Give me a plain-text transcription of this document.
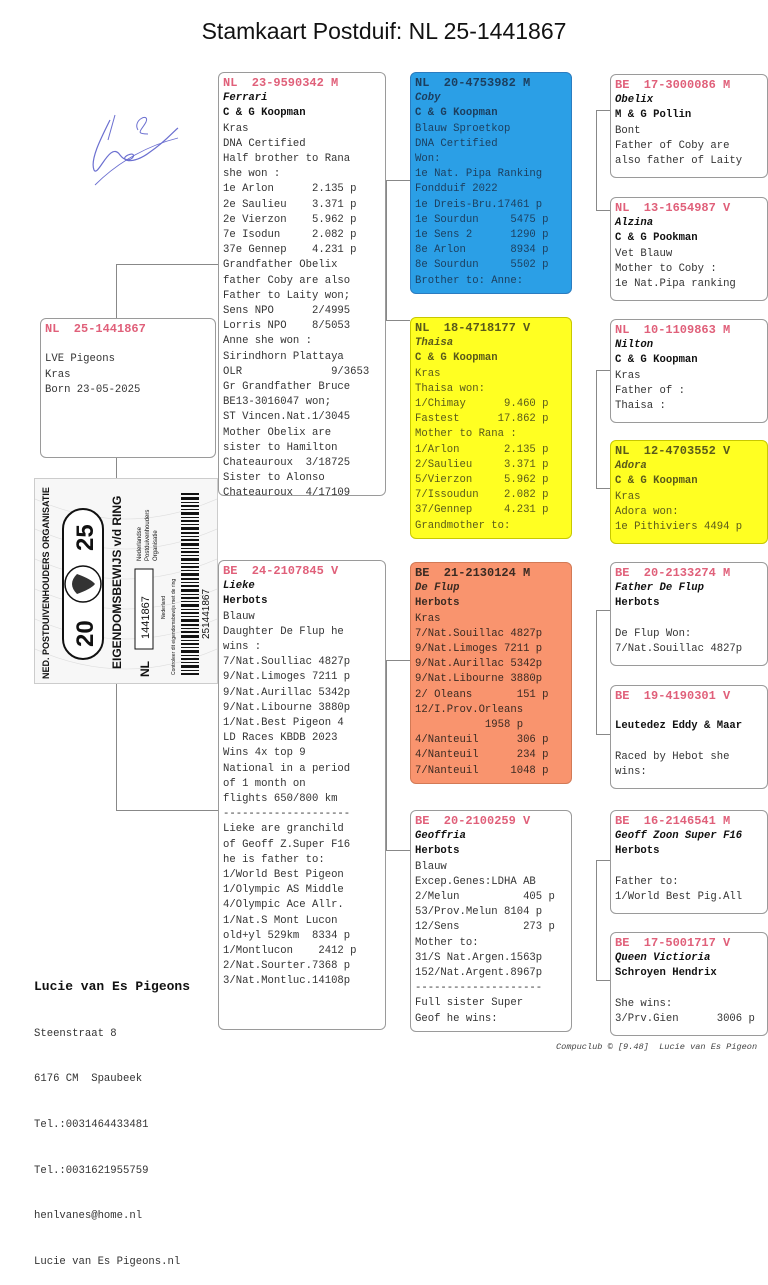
Stamkaart Postduif: NL 25-1441867
NL  25-1441867

LVE Pigeons
Kras
Born 23-05-2025
NED. POSTDUIVENHOUDERS ORGANISATIE 20
25 EIGENDOMSBEWIJS v/d RING NL
1441867
Nederlandse Postduivenhouders Organisatie
Nederland Controleer dit eigendomsbewijs met de ring 251441867
NL  23-9590342 M
Ferrari
C & G Koopman
Kras
DNA Certified
Half brother to Rana
she won :
1e Arlon      2.135 p
2e Saulieu    3.371 p
2e Vierzon    5.962 p
7e Isodun     2.082 p
37e Gennep    4.231 p
Grandfather Obelix
father Coby are also
Father to Laity won;
Sens NPO      2/4995
Lorris NPO    8/5053
Anne she won :
Sirindhorn Plattaya
OLR              9/3653
Gr Grandfather Bruce
BE13-3016047 won;
ST Vincen.Nat.1/3045
Mother Obelix are
sister to Hamilton
Chateauroux  3/18725
Sister to Alonso
Chateauroux  4/17109
BE  24-2107845 V
Lieke
Herbots
Blauw
Daughter De Flup he
wins :
7/Nat.Soulliac 4827p
9/Nat.Limoges 7211 p
9/Nat.Aurillac 5342p
9/Nat.Libourne 3880p
1/Nat.Best Pigeon 4
LD Races KBDB 2023
Wins 4x top 9
National in a period
of 1 month on
flights 650/800 km
--------------------
Lieke are granchild
of Geoff Z.Super F16
he is father to:
1/World Best Pigeon
1/Olympic AS Middle
4/Olympic Ace Allr.
1/Nat.S Mont Lucon
old+yl 529km  8334 p
1/Montlucon    2412 p
2/Nat.Sourter.7368 p
3/Nat.Montluc.14108p
NL  20-4753982 M
Coby
C & G Koopman
Blauw Sproetkop
DNA Certified
Won:
1e Nat. Pipa Ranking
Fondduif 2022
1e Dreis-Bru.17461 p
1e Sourdun     5475 p
1e Sens 2      1290 p
8e Arlon       8934 p
8e Sourdun     5502 p
Brother to: Anne:
NL  18-4718177 V
Thaisa
C & G Koopman
Kras
Thaisa won:
1/Chimay      9.460 p
Fastest      17.862 p
Mother to Rana :
1/Arlon       2.135 p
2/Saulieu     3.371 p
5/Vierzon     5.962 p
7/Issoudun    2.082 p
37/Gennep     4.231 p
Grandmother to:
BE  21-2130124 M
De Flup
Herbots
Kras
7/Nat.Souillac 4827p
9/Nat.Limoges 7211 p
9/Nat.Aurillac 5342p
9/Nat.Libourne 3880p
2/ Oleans       151 p
12/I.Prov.Orleans
1958 p
4/Nanteuil      306 p
4/Nanteuil      234 p
7/Nanteuil     1048 p
BE  20-2100259 V
Geoffria
Herbots
Blauw
Excep.Genes:LDHA AB
2/Melun          405 p
53/Prov.Melun 8104 p
12/Sens          273 p
Mother to:
31/S Nat.Argen.1563p
152/Nat.Argent.8967p
--------------------
Full sister Super
Geof he wins:
BE  17-3000086 M
Obelix
M & G Pollin
Bont
Father of Coby are
also father of Laity
NL  13-1654987 V
Alzina
C & G Pookman
Vet Blauw
Mother to Coby :
1e Nat.Pipa ranking
NL  10-1109863 M
Nilton
C & G Koopman
Kras
Father of :
Thaisa :
NL  12-4703552 V
Adora
C & G Koopman
Kras
Adora won:
1e Pithiviers 4494 p
BE  20-2133274 M
Father De Flup
Herbots

De Flup Won:
7/Nat.Souillac 4827p
BE  19-4190301 V

Leutedez Eddy & Maar

Raced by Hebot she
wins:
BE  16-2146541 M
Geoff Zoon Super F16
Herbots

Father to:
1/World Best Pig.All
BE  17-5001717 V
Queen Victioria
Schroyen Hendrix

She wins:
3/Prv.Gien      3006 p

Lucie van Es Pigeons

Steenstraat 8

6176 CM  Spaubeek

Tel.:0031464433481

Tel.:0031621955759

henlvanes@home.nl

Lucie van Es Pigeons.nl

Compuclub © [9.48]  Lucie van Es Pigeon
